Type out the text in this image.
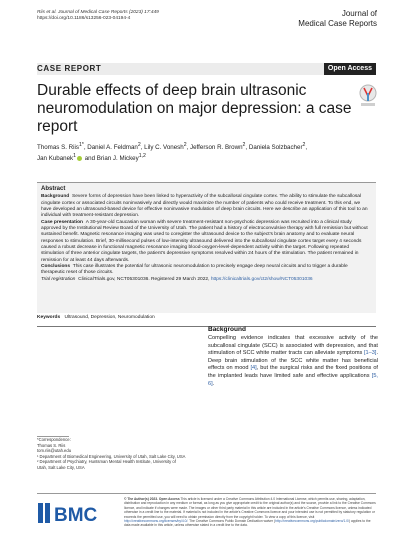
Riis et al. Journal of Medical Case Reports (2023) 17:449
https://doi.org/10.1186/s13256-023-04194-4
Journal of
Medical Case Reports
CASE REPORT	Open Access
Durable effects of deep brain ultrasonic neuromodulation on major depression: a case report
Thomas S. Riis$^{1*}$, Daniel A. Feldman$^2$, Lily C. Vonesh$^2$, Jefferson R. Brown$^2$, Daniela Solzbacher$^2$,
Jan Kubanek$^1$ and Brian J. Mickey$^{1,2}$

Abstract

Background Severe forms of depression have been linked to hyperactivity of the subcallosal cingulate cortex. The ability to stimulate the subcallosal cingulate cortex or associated circuits noninvasively and directly would maximize the number of patients who could receive treatment. To this end, we have developed an ultrasound-based device for effective noninvasive modulation of deep brain circuits. Here we describe an application of this tool to an individual with treatment-resistant depression.

Case presentation A 30-year-old Caucasian woman with severe treatment-resistant non-psychotic depression was recruited into a clinical study approved by the Institutional Review Board of the University of Utah. The patient had a history of electroconvulsive therapy with full remission but without sustained benefit. Magnetic resonance imaging was used to coregister the ultrasound device to the subject's brain anatomy and to evaluate neural responses to stimulation. Brief, 30-millisecond pulses of low-intensity ultrasound delivered into the subcallosal cingulate cortex target every 4 seconds caused a robust decrease in functional magnetic resonance imaging blood-oxygen-level-dependent activity within the target. Following repeated stimulation of three anterior cingulate targets, the patient's depressive symptoms resolved within 24 hours of the stimulation. The patient remained in remission for at least 44 days afterwards.

Conclusions This case illustrates the potential for ultrasonic neuromodulation to precisely engage deep neural circuits and to trigger a durable therapeutic reset of those circuits.

Trial registration ClinicalTrials.gov, NCT05301036. Registered 29 March 2022, https://clinicaltrials.gov/ct2/show/NCT05301036

Keywords Ultrasound, Depression, Neuromodulation
Background
Compelling evidence indicates that excessive activity of the subcallosal cingulate (SCC) is associated with depression, and that stimulation of SCC white matter tracts can alleviate symptoms [1–3]. Deep brain stimulation of the SCC white matter has beneficial effects on mood [4], but the surgical risks and the fixed positions of the implanted leads have limited safe and effective applications [5, 6].

*Correspondence:

Thomas S. Riis

tom.riis@utah.edu

¹ Department of Biomedical Engineering, University of Utah, Salt Lake City, USA

² Department of Psychiatry, Huntsman Mental Health Institute, University of Utah, Salt Lake City, USA

BMC
© The Author(s) 2023. Open Access This article is licensed under a Creative Commons Attribution 4.0 International License, which permits use, sharing, adaptation, distribution and reproduction in any medium or format, as long as you give appropriate credit to the original author(s) and the source, provide a link to the Creative Commons licence, and indicate if changes were made. The images or other third party material in this article are included in the article's Creative Commons licence, unless indicated otherwise in a credit line to the material. If material is not included in the article's Creative Commons licence and your intended use is not permitted by statutory regulation or exceeds the permitted use, you will need to obtain permission directly from the copyright holder. To view a copy of this licence, visit http://creativecommons.org/licenses/by/4.0/. The Creative Commons Public Domain Dedication waiver (http://creativecommons.org/publicdomain/zero/1.0/) applies to the data made available in this article, unless otherwise stated in a credit line to the data.
